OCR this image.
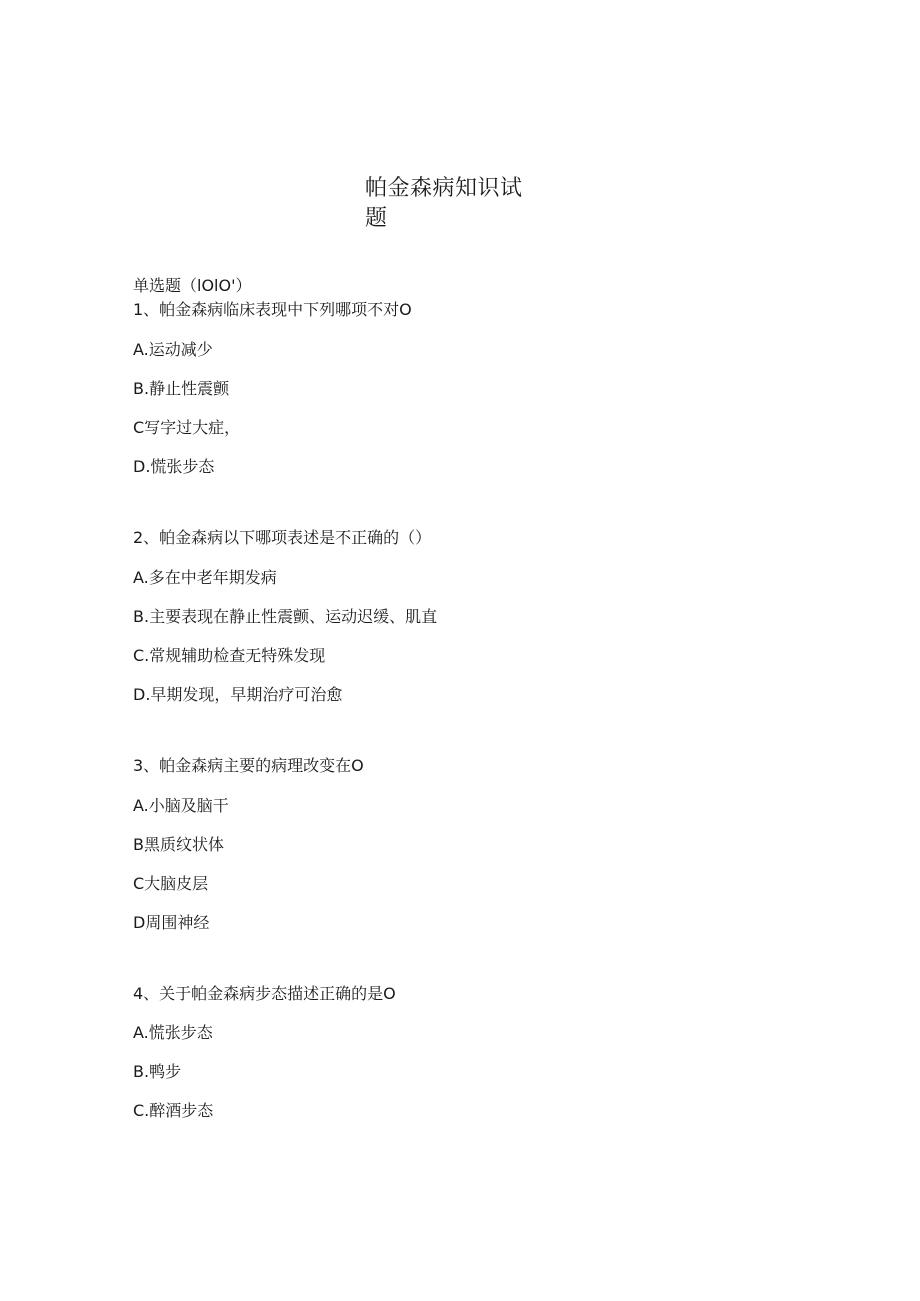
帕金森病知识试题
单选题（lOlO'）
1、帕金森病临床表现中下列哪项不对O
A.运动减少
B.静止性震颤
C写字过大症，
D.慌张步态
2、帕金森病以下哪项表述是不正确的（）
A.多在中老年期发病
B.主要表现在静止性震颤、运动迟缓、肌直
C.常规辅助检查无特殊发现
D.早期发现，早期治疗可治愈
3、帕金森病主要的病理改变在O
A.小脑及脑干
B黑质纹状体
C大脑皮层
D周围神经
4、关于帕金森病步态描述正确的是O
A.慌张步态
B.鸭步
C.醉酒步态
